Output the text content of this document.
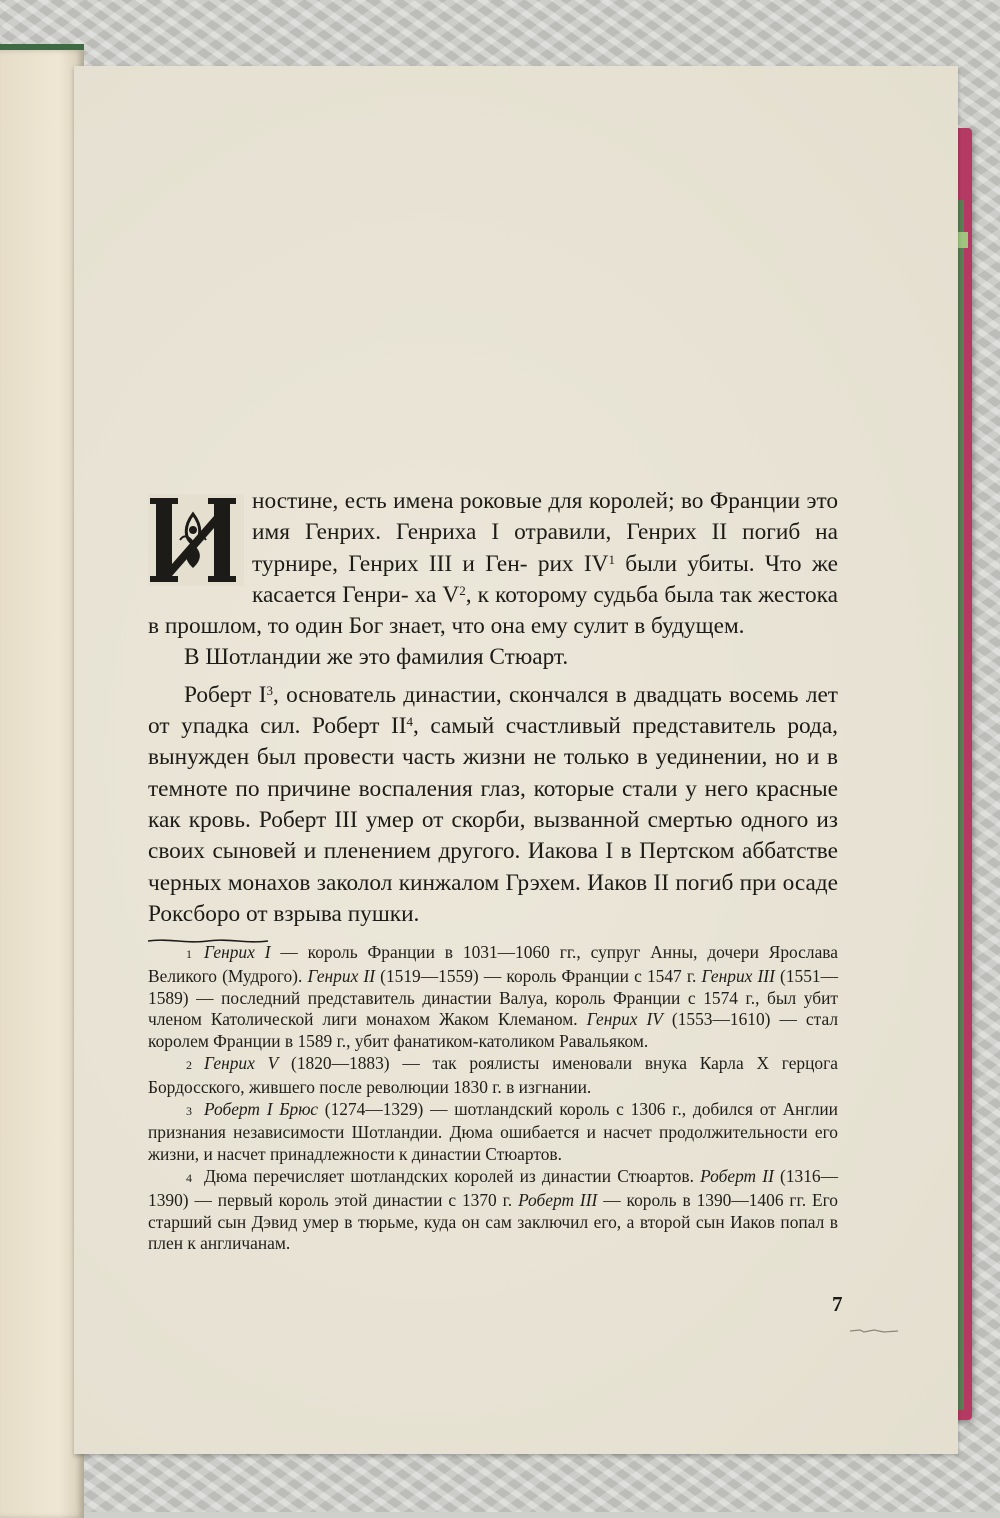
ностине, есть имена роковые для королей; во Франции это имя Генрих. Генриха I отравили, Генрих II погиб на турнире, Генрих III и Ген- рих $IV^1$ были убиты. Что же касается Генри- ха $V^2$, к которому судьба была так жестока в прошлом, то один Бог знает, что она ему сулит в будущем.

В Шотландии же это фамилия Стюарт.

Роберт $I^3$, основатель династии, скончался в двадцать восемь лет от упадка сил. Роберт $II^4$, самый счастливый представитель рода, вынужден был провести часть жизни не только в уединении, но и в темноте по причине воспаления глаз, которые стали у него красные как кровь. Роберт III умер от скорби, вызванной смертью одного из своих сыновей и пленением другого. Иакова I в Пертском аббатстве черных монахов заколол кинжалом Грэхем. Иаков II погиб при осаде Роксборо от взрыва пушки.

1 Генрих I — король Франции в 1031—1060 гг., супруг Анны, дочери Ярослава Великого (Мудрого). Генрих II (1519—1559) — король Франции с 1547 г. Генрих III (1551—1589) — последний представитель династии Валуа, король Франции с 1574 г., был убит членом Католической лиги монахом Жаком Клеманом. Генрих IV (1553—1610) — стал королем Франции в 1589 г., убит фанатиком-католиком Равальяком.

2 Генрих V (1820—1883) — так роялисты именовали внука Карла X герцога Бордосского, жившего после революции 1830 г. в изгнании.

3 Роберт I Брюс (1274—1329) — шотландский король с 1306 г., добился от Англии признания независимости Шотландии. Дюма ошибается и насчет продолжительности его жизни, и насчет принадлежности к династии Стюартов.

4 Дюма перечисляет шотландских королей из династии Стюартов. Роберт II (1316—1390) — первый король этой династии с 1370 г. Роберт III — король в 1390—1406 гг. Его старший сын Дэвид умер в тюрьме, куда он сам заключил его, а второй сын Иаков попал в плен к англичанам.

7
